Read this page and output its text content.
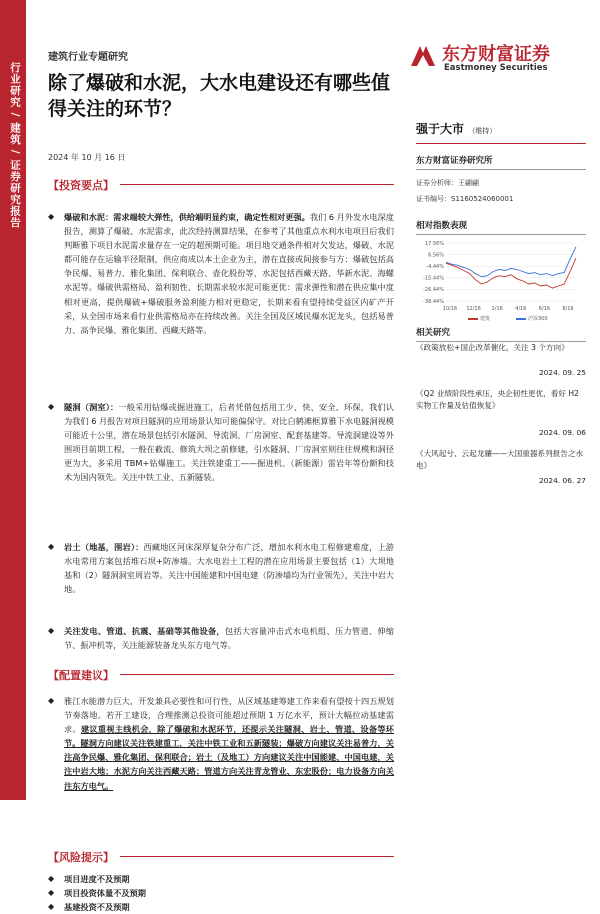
行业研究 / 建筑 / 证券研究报告
建筑行业专题研究
除了爆破和水泥，大水电建设还有哪些值得关注的环节？
2024 年 10 月 16 日
东方财富证券
Eastmoney Securities
强于大市 （维持）
东方财富证券研究所
证券分析师：王翩翩
证书编号：S1160524060001
相对指数表现
17.56%
6.56%
-4.44%
-15.44%
-26.44%
-38.44%
10/16 12/16 2/16 4/16 6/16 8/16
建筑	沪深300
相关研究
《政策放松+国企改革催化，关注 3 个方向》
2024. 09. 25
《Q2 业绩阶段性承压，央企韧性更优，看好 H2 实物工作量及估值恢复》
2024. 09. 06
《大风起兮、云起龙骧——大国重器系列报告之水电》
2024. 06. 27
【投资要点】
◆ 爆破和水泥：需求端较大弹性，供给端明显约束，确定性相对更强。我们 6 月外发水电深度报告，测算了爆破、水泥需求，此次经持测算结果，在参考了其他重点水利水电项目后我们判断雅下项目水泥需求量存在一定的超预期可能。项目地交通条件相对欠发达，爆破、水泥都可能存在运输半径限制，供应商成以本土企业为主，潜在直接或间接参与方：爆破包括高争民爆、易普力、雅化集团、保利联合、壶化股份等，水泥包括西藏天路、华新水泥、海螺水泥等。爆破供需格局、盈利韧性、长期需求较水泥可能更优：需求弹性和潜在供应集中度相对更高，提供爆破+爆破服务盈利能力相对更稳定，长期来看有望持续受益区内矿产开采，从全国市场来看行业供需格局亦在持续改善。关注全国及区域民爆水泥龙头，包括易普力、高争民爆、雅化集团、西藏天路等。
◆ 隧洞（洞室）：一般采用钻爆或掘进施工，后者凭借包括用工少、快、安全、环保，我们认为我们 6 月报告对项目隧洞的应用场景认知可能偏保守。对比白鹤滩框算雅下水电隧洞视模可能近十公里，潜在场景包括引水隧洞、导流洞、厂房洞室、配套基建等。导流洞建设等外围项目前期工程，一般在截流、修筑大坝之前修建，引水隧洞、厂房洞室则往往规模和洞径更为大，多采用 TBM+钻爆施工。关注铁建重工——掘进机、（新能源）雷岩年等份额和技术为国内领先。关注中铁工业、五新隧装。
◆ 岩土（地基，围岩）：西藏地区河床深厚复杂分布广泛，增加水利水电工程修建难度，上游水电常用方案包括堆石坝+防渗墙。大水电岩土工程的潜在应用场景主要包括（1）大坝地基和（2）隧洞洞室周岩等。关注中国能建和中国电建（防渗墙均为行业领先），关注中岩大地。
◆ 关注发电、管道、抗震、基础等其他设备，包括大容量冲击式水电机组、压力管道、伸缩节、振冲机等，关注能源装备龙头东方电气等。
【配置建议】
◆ 雅江水能潜力巨大，开发兼具必要性和可行性，从区域基建筹建工作来看有望按十四五规划节奏落地。若开工建设，合理推测总投资可能超过预期 1 万亿水平，预计大幅拉动基建需求。建议重视主线机会，除了爆破和水泥环节，还提示关注隧洞、岩土、管道、设备等环节。隧洞方向建议关注铁建重工，关注中铁工业和五新隧装；爆破方向建议关注易普力，关注高争民爆、雅化集团、保利联合；岩土（及地工）方向建议关注中国能建、中国电建，关注中岩大地；水泥方向关注西藏天路；管道方向关注青龙管业、东宏股份；电力设备方向关注东方电气。
【风险提示】
◆ 项目进度不及预期
◆ 项目投资体量不及预期
◆ 基建投资不及预期
